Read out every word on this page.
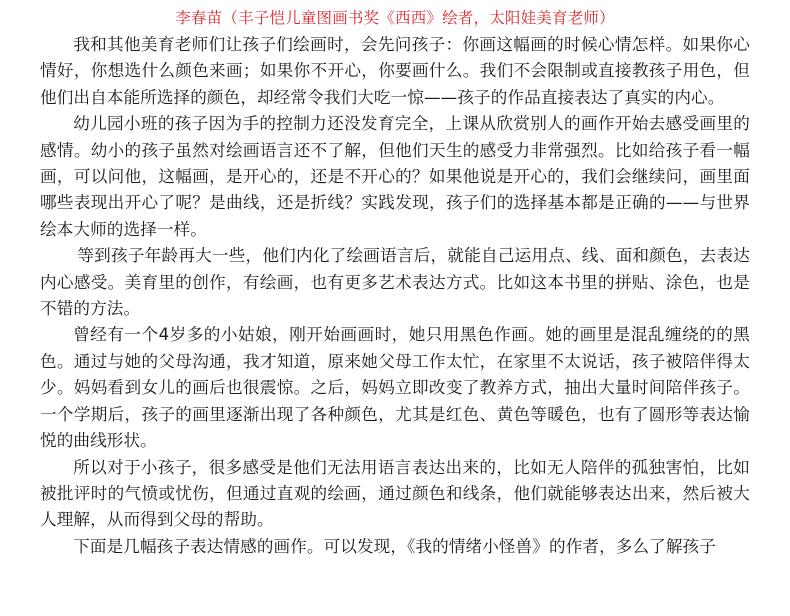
李春苗（丰子恺儿童图画书奖《西西》绘者，太阳娃美育老师）

我和其他美育老师们让孩子们绘画时，会先问孩子：你画这幅画的时候心情怎样。如果你心情好，你想选什么颜色来画；如果你不开心，你要画什么。我们不会限制或直接教孩子用色，但他们出自本能所选择的颜色，却经常令我们大吃一惊——孩子的作品直接表达了真实的内心。

幼儿园小班的孩子因为手的控制力还没发育完全，上课从欣赏别人的画作开始去感受画里的感情。幼小的孩子虽然对绘画语言还不了解，但他们天生的感受力非常强烈。比如给孩子看一幅画，可以问他，这幅画，是开心的，还是不开心的？如果他说是开心的，我们会继续问，画里面哪些表现出开心了呢？是曲线，还是折线？实践发现，孩子们的选择基本都是正确的——与世界绘本大师的选择一样。

等到孩子年龄再大一些，他们内化了绘画语言后，就能自己运用点、线、面和颜色，去表达内心感受。美育里的创作，有绘画，也有更多艺术表达方式。比如这本书里的拼贴、涂色，也是不错的方法。

曾经有一个4岁多的小姑娘，刚开始画画时，她只用黑色作画。她的画里是混乱缠绕的的黑色。通过与她的父母沟通，我才知道，原来她父母工作太忙，在家里不太说话，孩子被陪伴得太少。妈妈看到女儿的画后也很震惊。之后，妈妈立即改变了教养方式，抽出大量时间陪伴孩子。一个学期后，孩子的画里逐渐出现了各种颜色，尤其是红色、黄色等暖色，也有了圆形等表达愉悦的曲线形状。

所以对于小孩子，很多感受是他们无法用语言表达出来的，比如无人陪伴的孤独害怕，比如被批评时的气愤或忧伤，但通过直观的绘画，通过颜色和线条，他们就能够表达出来，然后被大人理解，从而得到父母的帮助。

下面是几幅孩子表达情感的画作。可以发现，《我的情绪小怪兽》的作者，多么了解孩子
